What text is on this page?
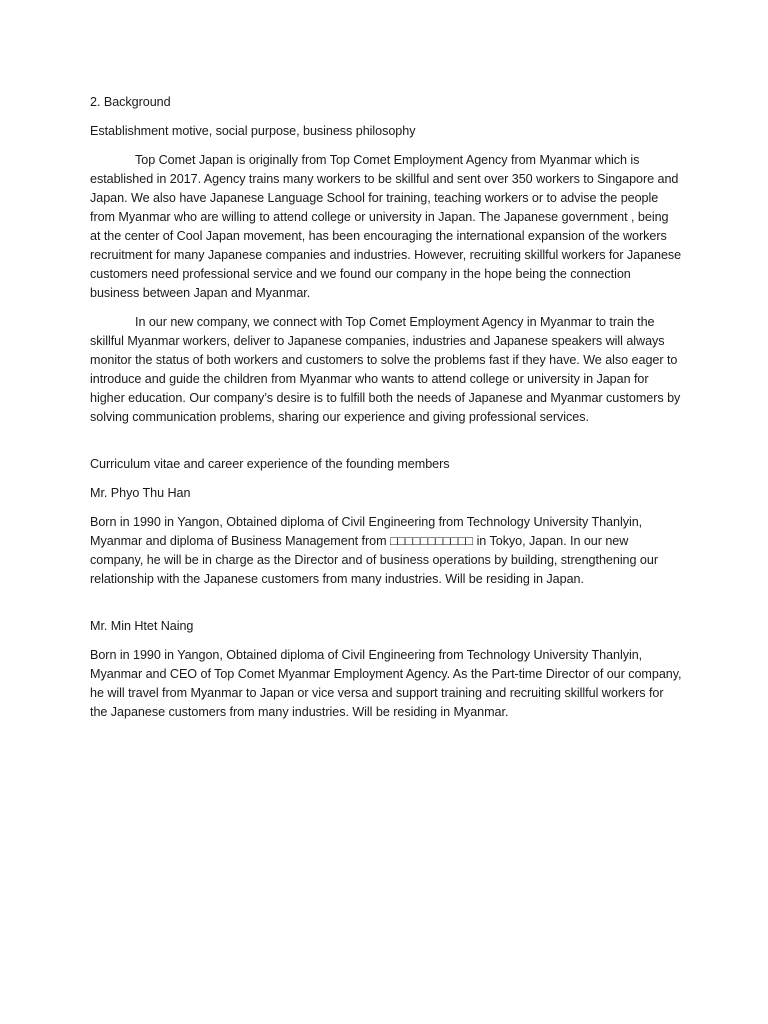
2. Background

Establishment motive, social purpose, business philosophy

Top Comet Japan is originally from Top Comet Employment Agency from Myanmar which is established in 2017. Agency trains many workers to be skillful and sent over 350 workers to Singapore and Japan. We also have Japanese Language School for training, teaching workers or to advise the people from Myanmar who are willing to attend college or university in Japan. The Japanese government , being at the center of Cool Japan movement, has been encouraging the international expansion of the workers recruitment for many Japanese companies and industries. However, recruiting skillful workers for Japanese customers need professional service and we found our company in the hope being the connection business between Japan and Myanmar.

In our new company, we connect with Top Comet Employment Agency in Myanmar to train the skillful Myanmar workers, deliver to Japanese companies, industries and Japanese speakers will always monitor the status of both workers and customers to solve the problems fast if they have. We also eager to introduce and guide the children from Myanmar who wants to attend college or university in Japan for higher education. Our company’s desire is to fulfill both the needs of Japanese and Myanmar customers by solving communication problems, sharing our experience and giving professional services.

Curriculum vitae and career experience of the founding members

Mr. Phyo Thu Han

Born in 1990 in Yangon, Obtained diploma of Civil Engineering from Technology University Thanlyin, Myanmar and diploma of Business Management from □□□□□□□□□□□ in Tokyo, Japan. In our new company, he will be in charge as the Director and of business operations by building, strengthening our relationship with the Japanese customers from many industries. Will be residing in Japan.

Mr. Min Htet Naing

Born in 1990 in Yangon, Obtained diploma of Civil Engineering from Technology University Thanlyin, Myanmar and CEO of Top Comet Myanmar Employment Agency. As the Part-time Director of our company, he will travel from Myanmar to Japan or vice versa and support training and recruiting skillful workers for the Japanese customers from many industries. Will be residing in Myanmar.
